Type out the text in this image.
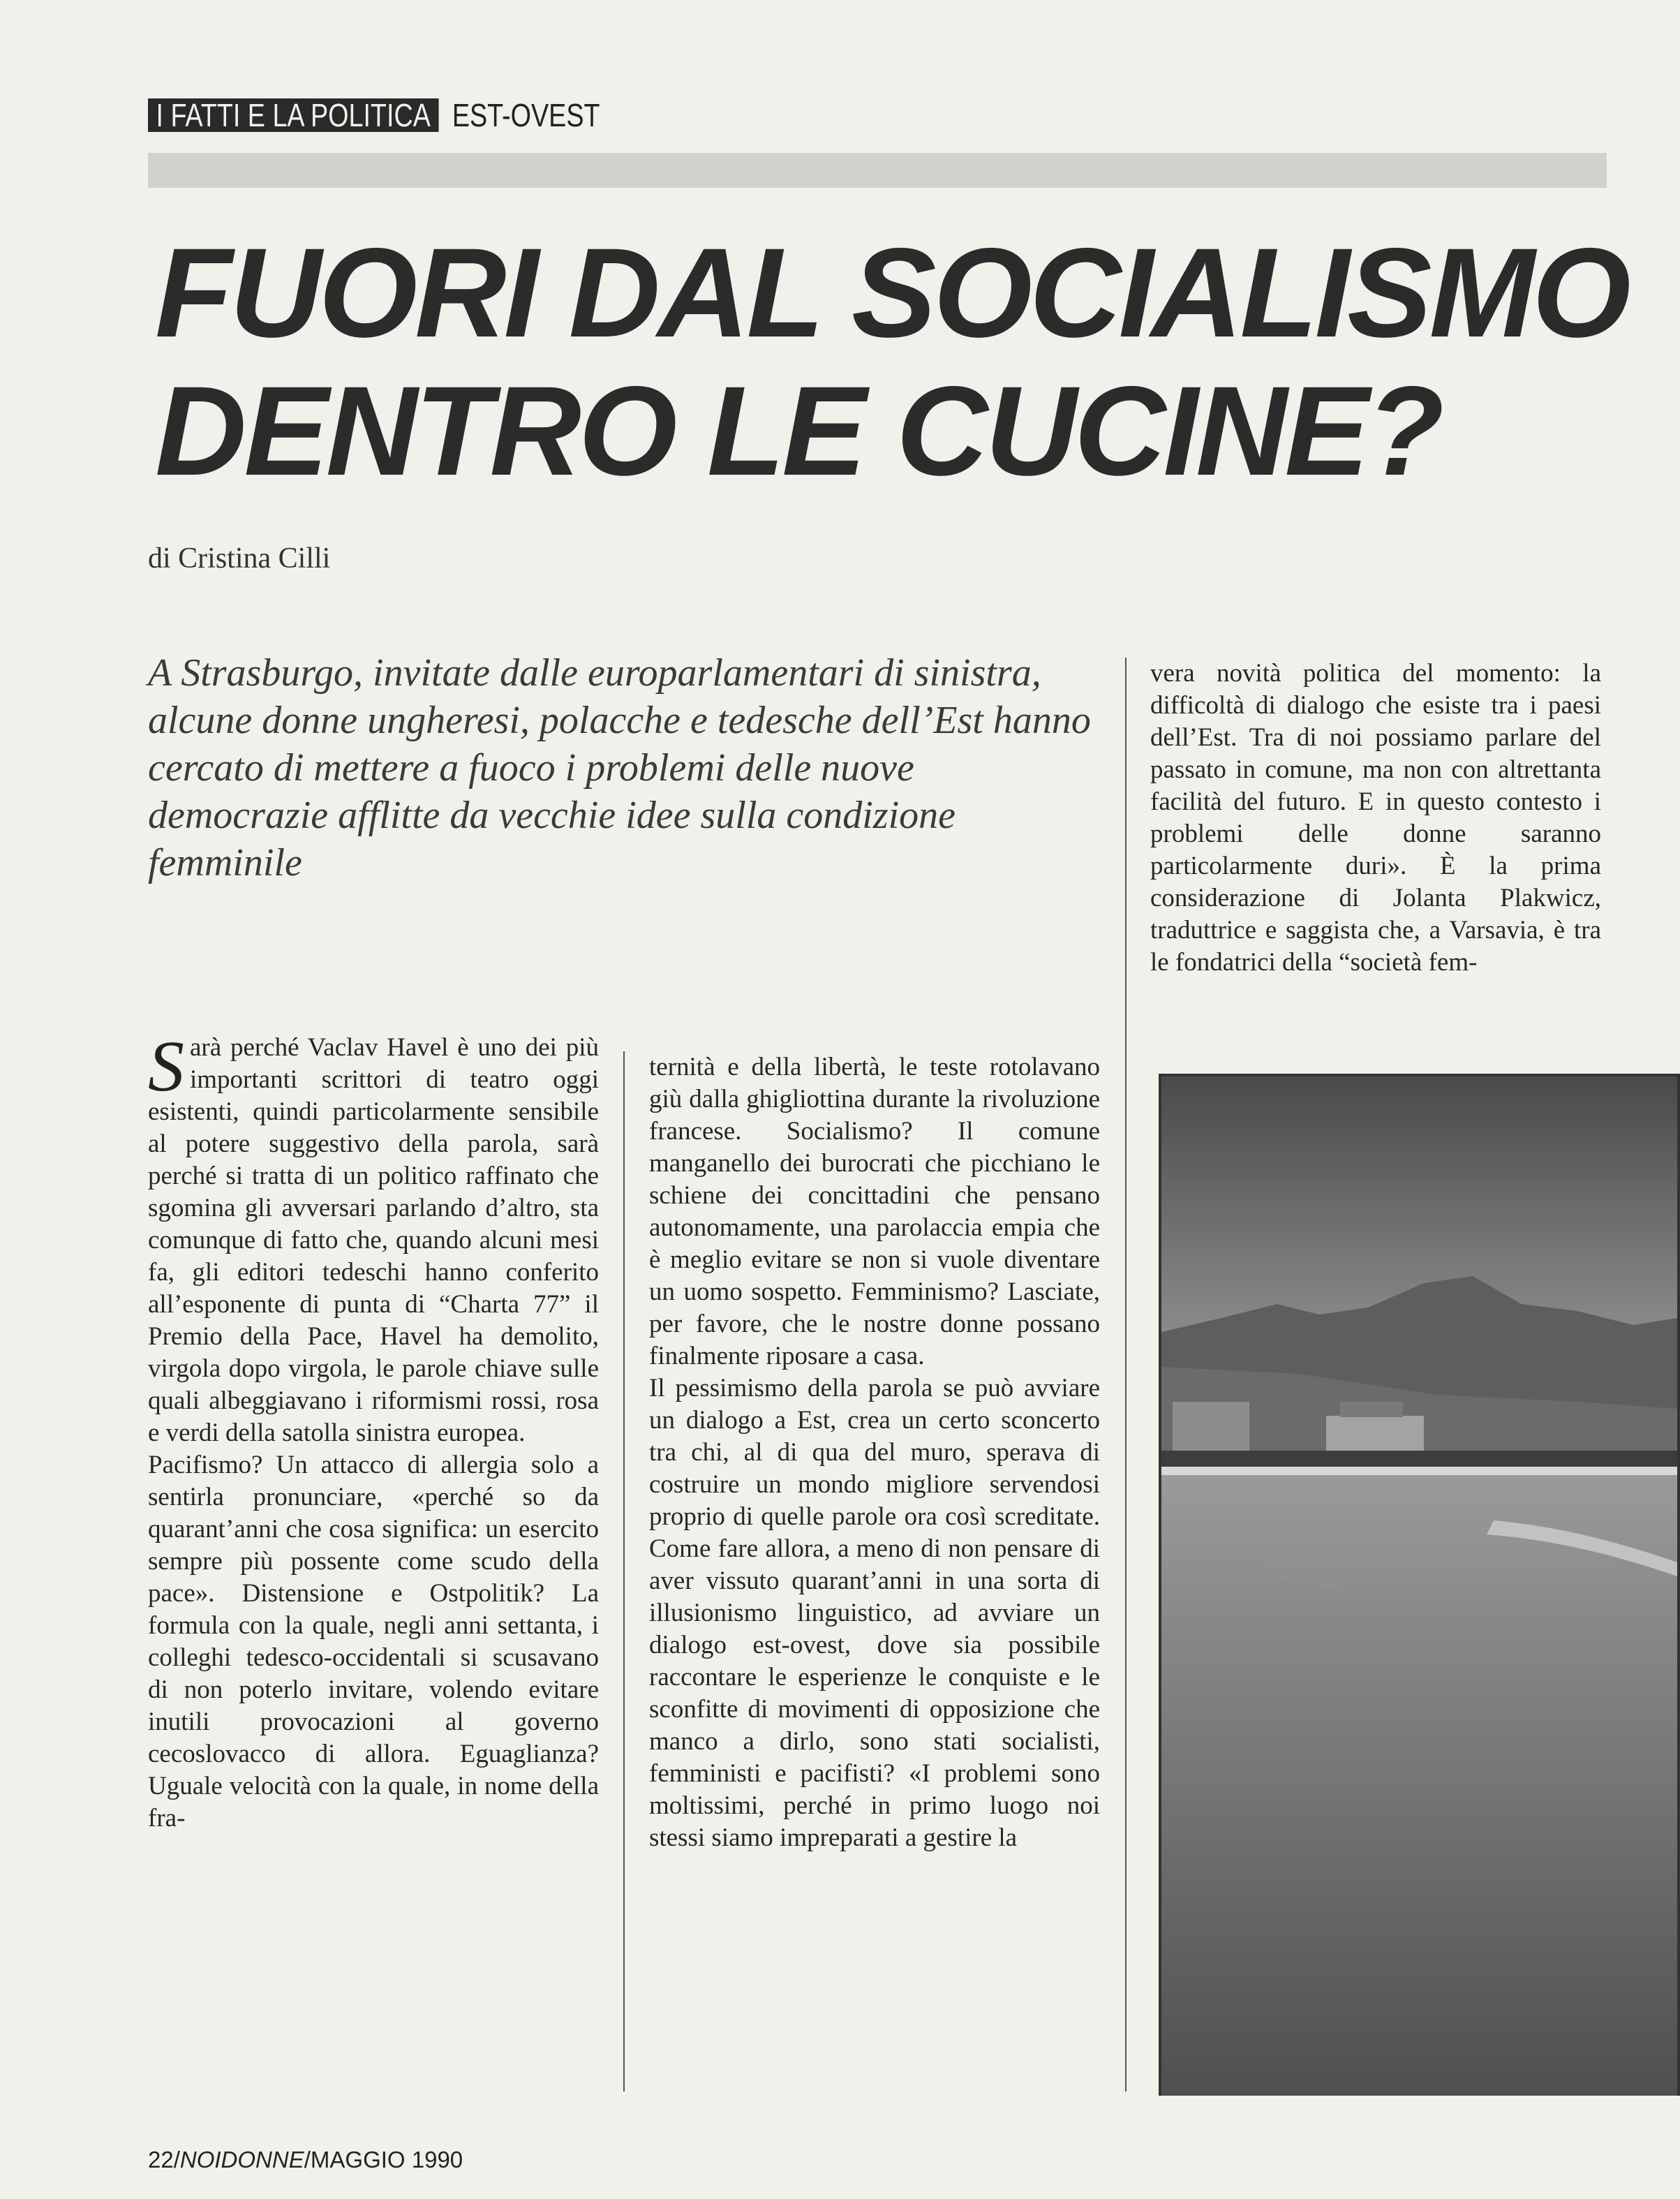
I FATTI E LA POLITICA EST-OVEST
FUORI DAL SOCIALISMO
DENTRO LE CUCINE?

di Cristina Cilli

A Strasburgo, invitate dalle europarlamentari di sinistra, alcune donne ungheresi, polacche e tedesche dell’Est hanno cercato di mettere a fuoco i problemi delle nuove democrazie afflitte da vecchie idee sulla condizione femminile

S arà perché Vaclav Havel è uno dei più importanti scrittori di teatro oggi esistenti, quindi particolarmente sensibile al potere suggestivo della parola, sarà perché si tratta di un politico raffinato che sgomina gli avversari parlando d’altro, sta comunque di fatto che, quando alcuni mesi fa, gli editori tedeschi hanno conferito all’esponente di punta di “Charta 77” il Premio della Pace, Havel ha demolito, virgola dopo virgola, le parole chiave sulle quali albeggiavano i riformismi rossi, rosa e verdi della satolla sinistra europea.

Pacifismo? Un attacco di allergia solo a sentirla pronunciare, «perché so da quarant’anni che cosa significa: un esercito sempre più possente come scudo della pace». Distensione e Ostpolitik? La formula con la quale, negli anni settanta, i colleghi tedesco-occidentali si scusavano di non poterlo invitare, volendo evitare inutili provocazioni al governo cecoslovacco di allora. Eguaglianza? Uguale velocità con la quale, in nome della fra-

ternità e della libertà, le teste rotolavano giù dalla ghigliottina durante la rivoluzione francese. Socialismo? Il comune manganello dei burocrati che picchiano le schiene dei concittadini che pensano autonomamente, una parolaccia empia che è meglio evitare se non si vuole diventare un uomo sospetto. Femminismo? Lasciate, per favore, che le nostre donne possano finalmente riposare a casa.

Il pessimismo della parola se può avviare un dialogo a Est, crea un certo sconcerto tra chi, al di qua del muro, sperava di costruire un mondo migliore servendosi proprio di quelle parole ora così screditate. Come fare allora, a meno di non pensare di aver vissuto quarant’anni in una sorta di illusionismo linguistico, ad avviare un dialogo est-ovest, dove sia possibile raccontare le esperienze le conquiste e le sconfitte di movimenti di opposizione che manco a dirlo, sono stati socialisti, femministi e pacifisti? «I problemi sono moltissimi, perché in primo luogo noi stessi siamo impreparati a gestire la

vera novità politica del momento: la difficoltà di dialogo che esiste tra i paesi dell’Est. Tra di noi possiamo parlare del passato in comune, ma non con altrettanta facilità del futuro. E in questo contesto i problemi delle donne saranno particolarmente duri». È la prima considerazione di Jolanta Plakwicz, traduttrice e saggista che, a Varsavia, è tra le fondatrici della “società fem-

22/NOIDONNE/MAGGIO 1990
